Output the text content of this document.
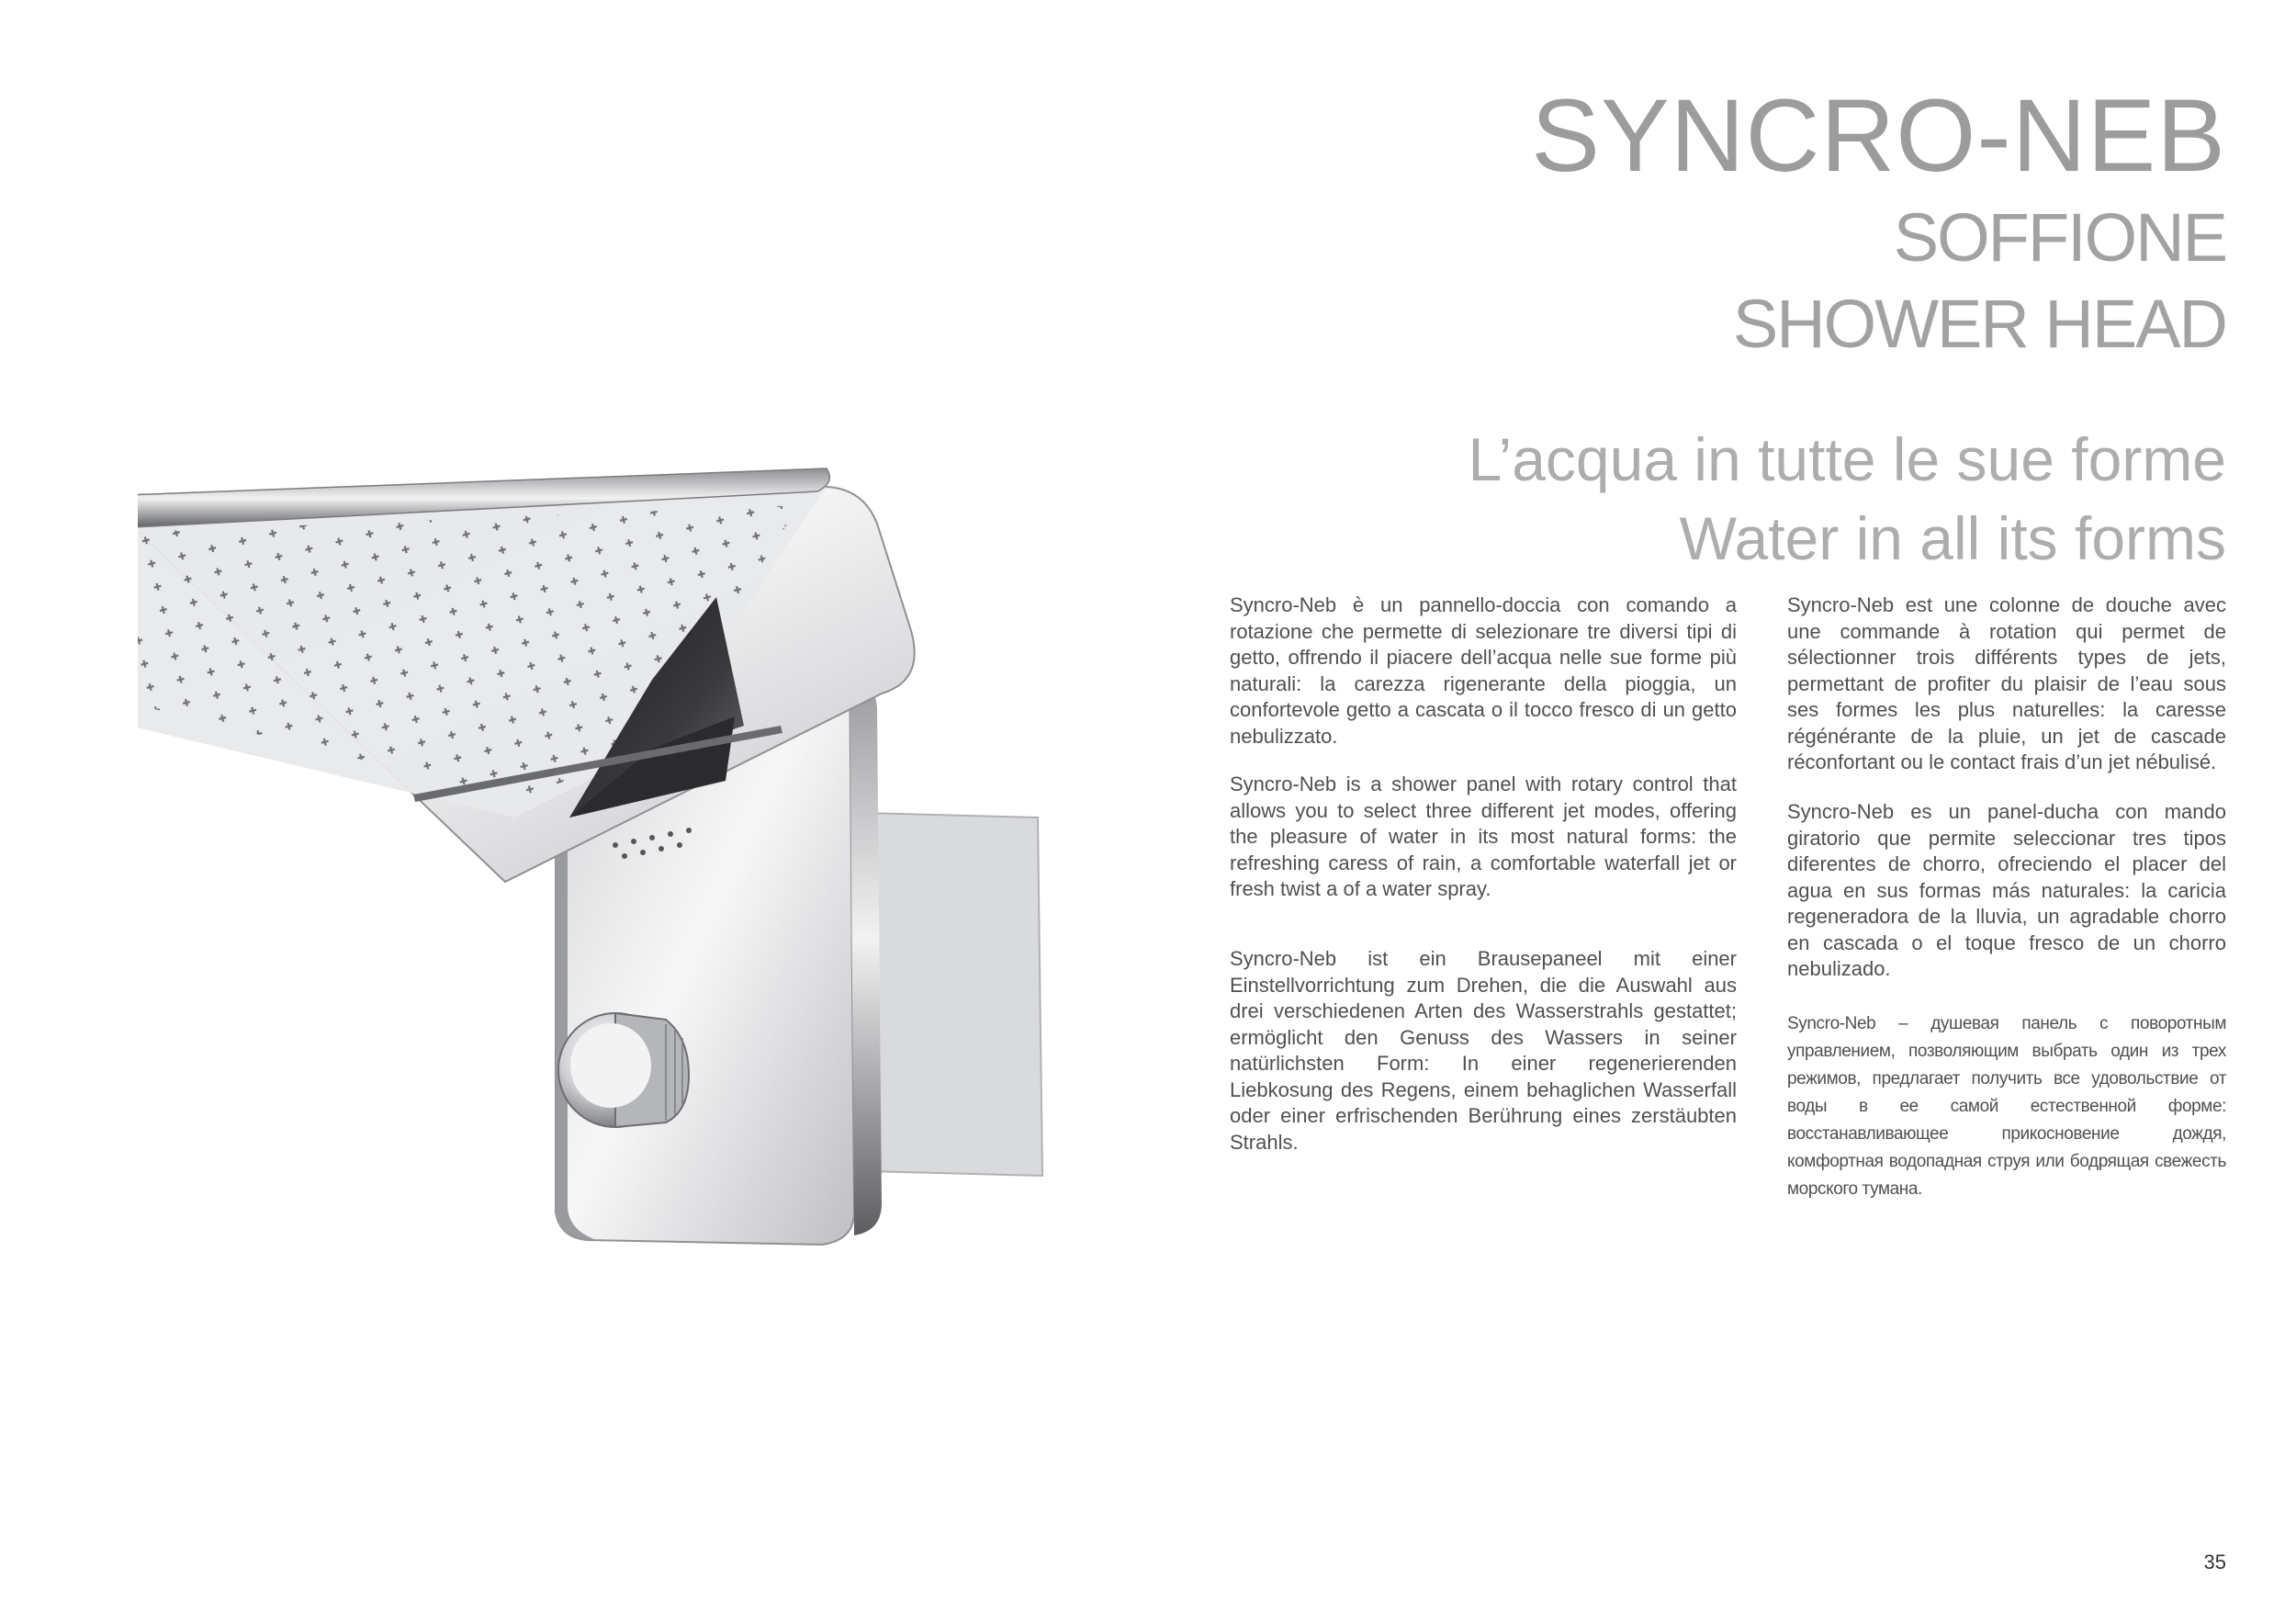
SYNCRO-NEB
SOFFIONE
SHOWER HEAD

L’acqua in tutte le sue forme

Water in all its forms

Syncro-Neb è un pannello-doccia con comando a rotazione che permette di selezionare tre diversi tipi di getto, offrendo il piacere dell’acqua nelle sue forme più naturali: la carezza rigenerante della pioggia, un confortevole getto a cascata o il tocco fresco di un getto nebulizzato.

Syncro-Neb is a shower panel with rotary control that allows you to select three different jet modes, offering the pleasure of water in its most natural forms: the refreshing caress of rain, a comfortable waterfall jet or fresh twist a of a water spray.

Syncro-Neb ist ein Brausepaneel mit einer Einstellvorrichtung zum Drehen, die die Auswahl aus drei verschiedenen Arten des Wasserstrahls gestattet; ermöglicht den Genuss des Wassers in seiner natürlichsten Form: In einer regenerierenden Liebkosung des Regens, einem behaglichen Wasserfall oder einer erfrischenden Berührung eines zerstäubten Strahls.

Syncro-Neb est une colonne de douche avec une commande à rotation qui permet de sélectionner trois différents types de jets, permettant de profiter du plaisir de l’eau sous ses formes les plus naturelles: la caresse régénérante de la pluie, un jet de cascade réconfortant ou le contact frais d’un jet nébulisé.

Syncro-Neb es un panel-ducha con mando giratorio que permite seleccionar tres tipos diferentes de chorro, ofreciendo el placer del agua en sus formas más naturales: la caricia regeneradora de la lluvia, un agradable chorro en cascada o el toque fresco de un chorro nebulizado.

Syncro-Neb – душевая панель с поворотным управлением, позволяющим выбрать один из трех режимов, предлагает получить все удовольствие от воды в ее самой естественной форме: восстанавливающее прикосновение дождя, комфортная водопадная струя или бодрящая свежесть морского тумана.

35
